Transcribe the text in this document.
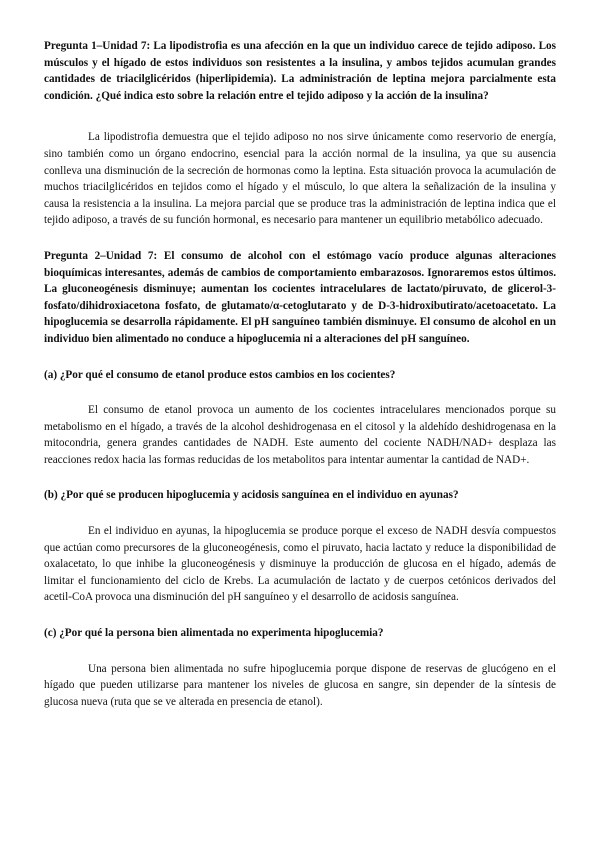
Pregunta 1–Unidad 7: La lipodistrofia es una afección en la que un individuo carece de tejido adiposo. Los músculos y el hígado de estos individuos son resistentes a la insulina, y ambos tejidos acumulan grandes cantidades de triacilglicéridos (hiperlipidemia). La administración de leptina mejora parcialmente esta condición. ¿Qué indica esto sobre la relación entre el tejido adiposo y la acción de la insulina?

La lipodistrofia demuestra que el tejido adiposo no nos sirve únicamente como reservorio de energía, sino también como un órgano endocrino, esencial para la acción normal de la insulina, ya que su ausencia conlleva una disminución de la secreción de hormonas como la leptina. Esta situación provoca la acumulación de muchos triacilglicéridos en tejidos como el hígado y el músculo, lo que altera la señalización de la insulina y causa la resistencia a la insulina. La mejora parcial que se produce tras la administración de leptina indica que el tejido adiposo, a través de su función hormonal, es necesario para mantener un equilibrio metabólico adecuado.

Pregunta 2–Unidad 7: El consumo de alcohol con el estómago vacío produce algunas alteraciones bioquímicas interesantes, además de cambios de comportamiento embarazosos. Ignoraremos estos últimos. La gluconeogénesis disminuye; aumentan los cocientes intracelulares de lactato/piruvato, de glicerol-3-fosfato/dihidroxiacetona fosfato, de glutamato/α-cetoglutarato y de D-3-hidroxibutirato/acetoacetato. La hipoglucemia se desarrolla rápidamente. El pH sanguíneo también disminuye. El consumo de alcohol en un individuo bien alimentado no conduce a hipoglucemia ni a alteraciones del pH sanguíneo.

(a) ¿Por qué el consumo de etanol produce estos cambios en los cocientes?

El consumo de etanol provoca un aumento de los cocientes intracelulares mencionados porque su metabolismo en el hígado, a través de la alcohol deshidrogenasa en el citosol y la aldehído deshidrogenasa en la mitocondria, genera grandes cantidades de NADH. Este aumento del cociente NADH/NAD+ desplaza las reacciones redox hacia las formas reducidas de los metabolitos para intentar aumentar la cantidad de NAD+.

(b) ¿Por qué se producen hipoglucemia y acidosis sanguínea en el individuo en ayunas?

En el individuo en ayunas, la hipoglucemia se produce porque el exceso de NADH desvía compuestos que actúan como precursores de la gluconeogénesis, como el piruvato, hacia lactato y reduce la disponibilidad de oxalacetato, lo que inhibe la gluconeogénesis y disminuye la producción de glucosa en el hígado, además de limitar el funcionamiento del ciclo de Krebs. La acumulación de lactato y de cuerpos cetónicos derivados del acetil-CoA provoca una disminución del pH sanguíneo y el desarrollo de acidosis sanguínea.

(c) ¿Por qué la persona bien alimentada no experimenta hipoglucemia?

Una persona bien alimentada no sufre hipoglucemia porque dispone de reservas de glucógeno en el hígado que pueden utilizarse para mantener los niveles de glucosa en sangre, sin depender de la síntesis de glucosa nueva (ruta que se ve alterada en presencia de etanol).
